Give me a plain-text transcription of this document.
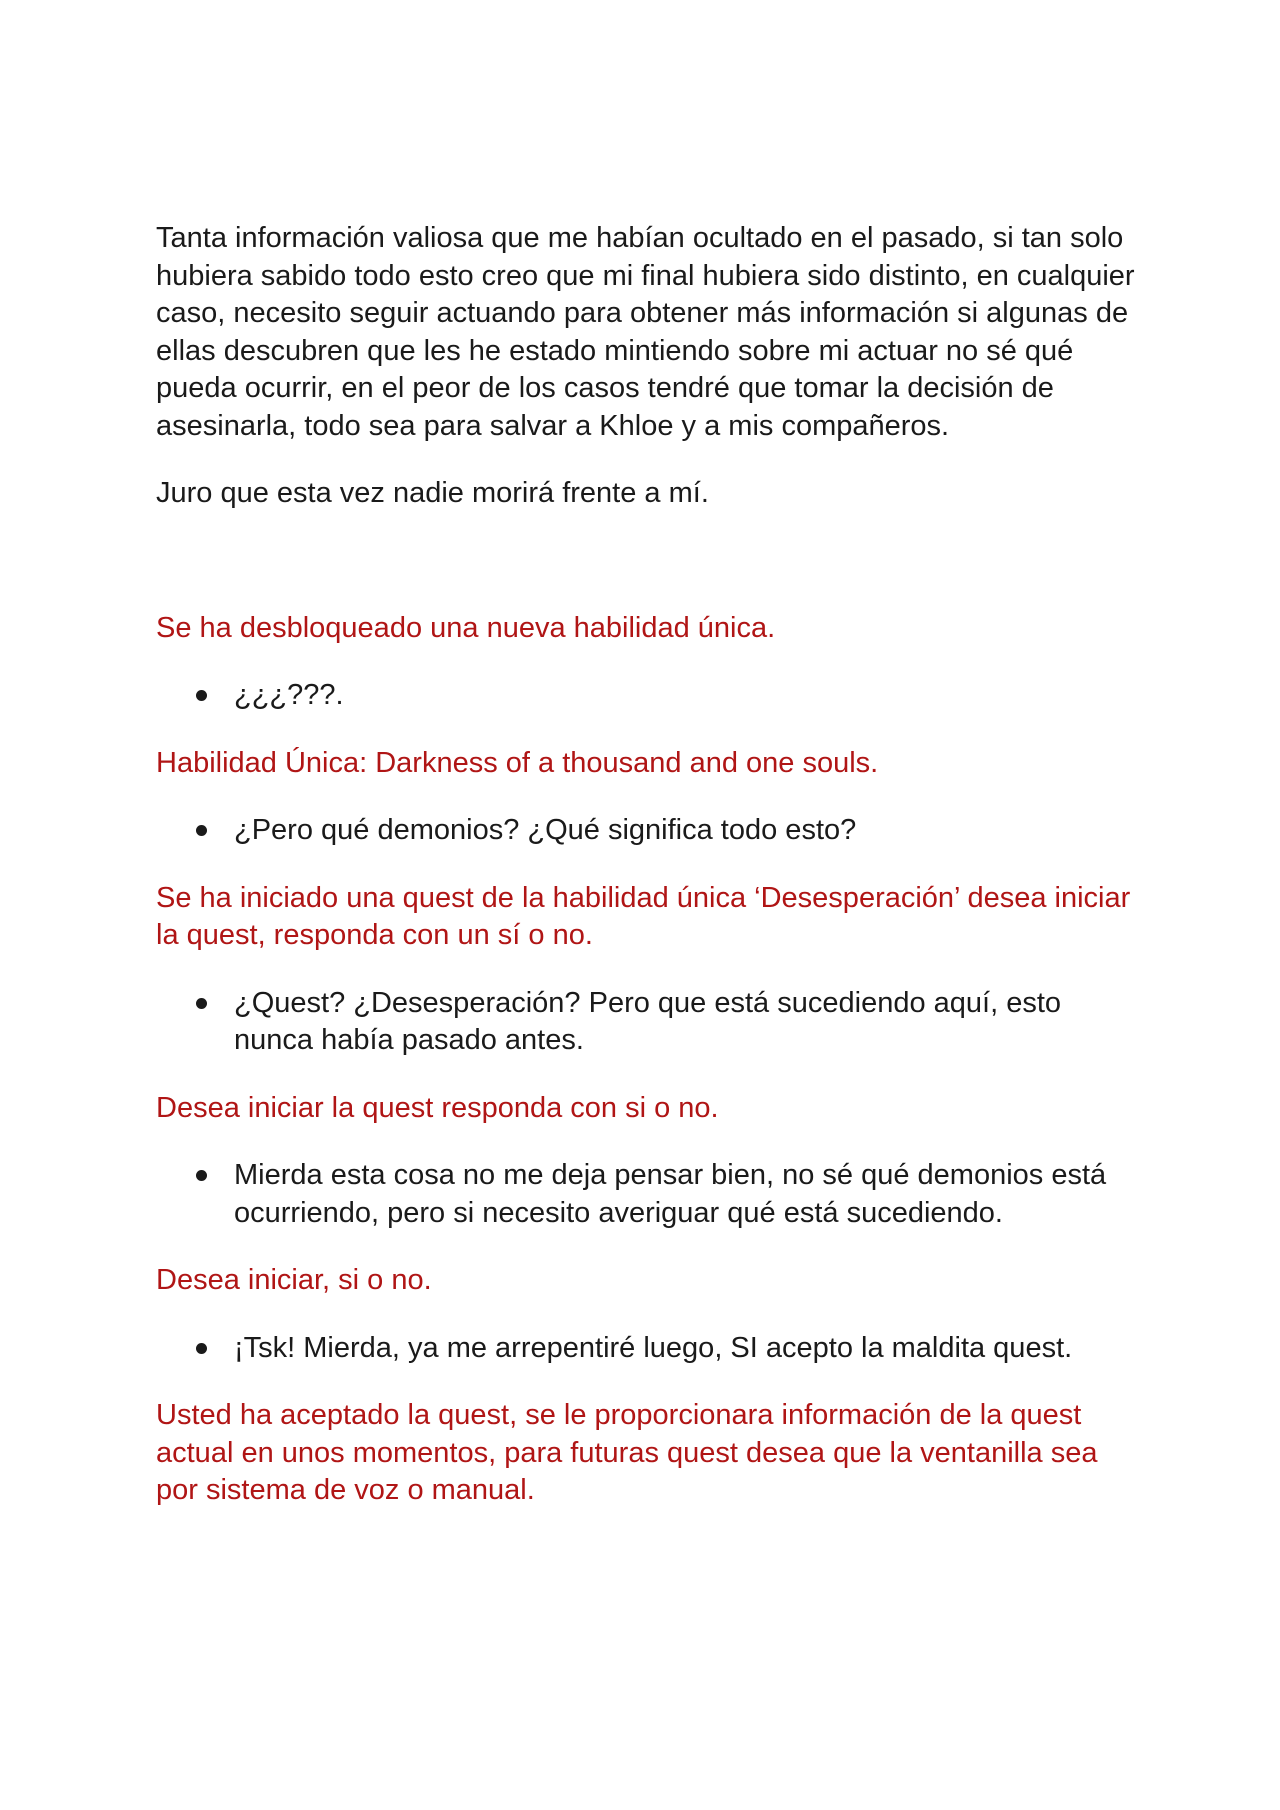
Tanta información valiosa que me habían ocultado en el pasado, si tan solo hubiera sabido todo esto creo que mi final hubiera sido distinto, en cualquier caso, necesito seguir actuando para obtener más información si algunas de ellas descubren que les he estado mintiendo sobre mi actuar no sé qué pueda ocurrir, en el peor de los casos tendré que tomar la decisión de asesinarla, todo sea para salvar a Khloe y a mis compañeros.

Juro que esta vez nadie morirá frente a mí.

Se ha desbloqueado una nueva habilidad única.

¿¿¿???.

Habilidad Única: Darkness of a thousand and one souls.

¿Pero qué demonios? ¿Qué significa todo esto?

Se ha iniciado una quest de la habilidad única ‘Desesperación’ desea iniciar la quest, responda con un sí o no.

¿Quest? ¿Desesperación? Pero que está sucediendo aquí, esto nunca había pasado antes.

Desea iniciar la quest responda con si o no.

Mierda esta cosa no me deja pensar bien, no sé qué demonios está ocurriendo, pero si necesito averiguar qué está sucediendo.

Desea iniciar, si o no.

¡Tsk! Mierda, ya me arrepentiré luego, SI acepto la maldita quest.

Usted ha aceptado la quest, se le proporcionara información de la quest actual en unos momentos, para futuras quest desea que la ventanilla sea por sistema de voz o manual.
